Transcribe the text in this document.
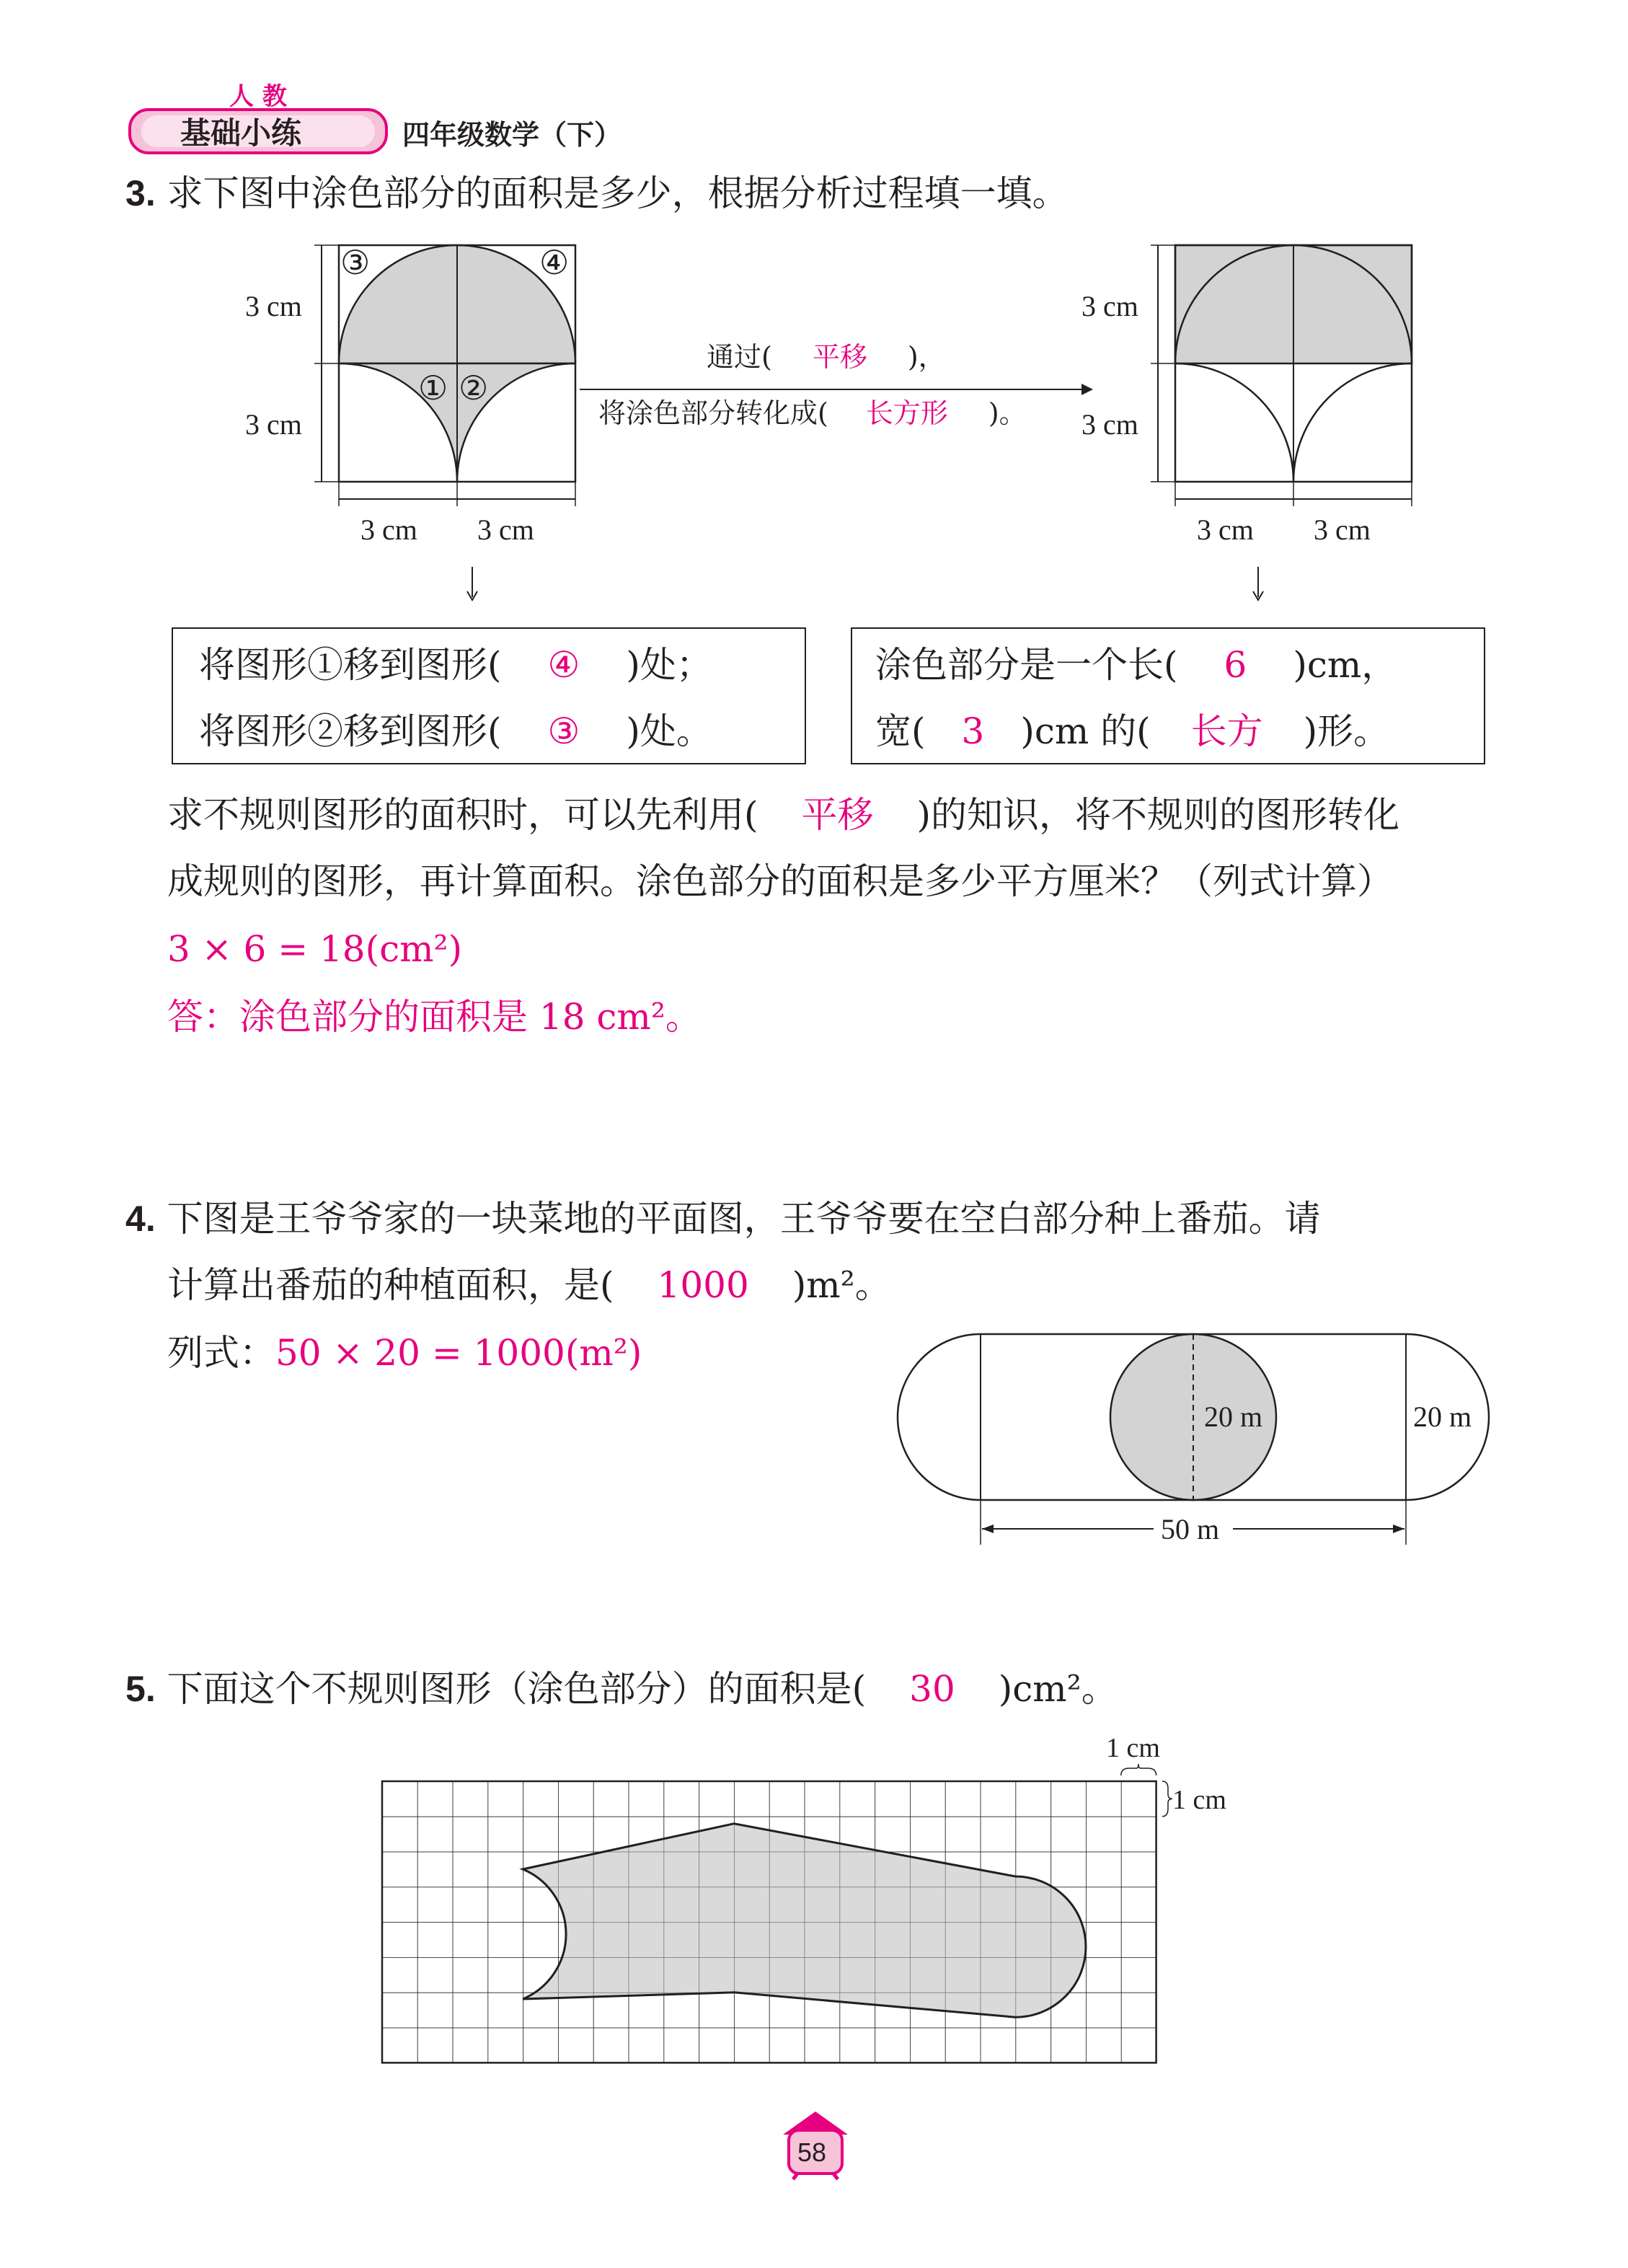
人 教
基础小练	四年级数学（下）
3. 求下图中涂色部分的面积是多少，根据分析过程填一填。
3 cm
3 cm
3 cm 3 cm
③	④
① ②
通过( 平移 )，
将涂色部分转化成( 长方形 )。
3 cm
3 cm
3 cm 3 cm
将图形①移到图形( ④ )处；
将图形②移到图形( ③ )处。
涂色部分是一个长( 6 )cm，
宽( 3 )cm 的( 长方 )形。
求不规则图形的面积时，可以先利用( 平移 )的知识，将不规则的图形转化
成规则的图形，再计算面积。涂色部分的面积是多少平方厘米？（列式计算）
3 × 6 = 18(cm²)
答：涂色部分的面积是 18 cm²。
4. 下图是王爷爷家的一块菜地的平面图，王爷爷要在空白部分种上番茄。请
计算出番茄的种植面积，是( 1000 )m²。
列式：50 × 20 = 1000(m²)
20 m	20 m
50 m
5. 下面这个不规则图形（涂色部分）的面积是( 30 )cm²。
1 cm
1 cm
58
